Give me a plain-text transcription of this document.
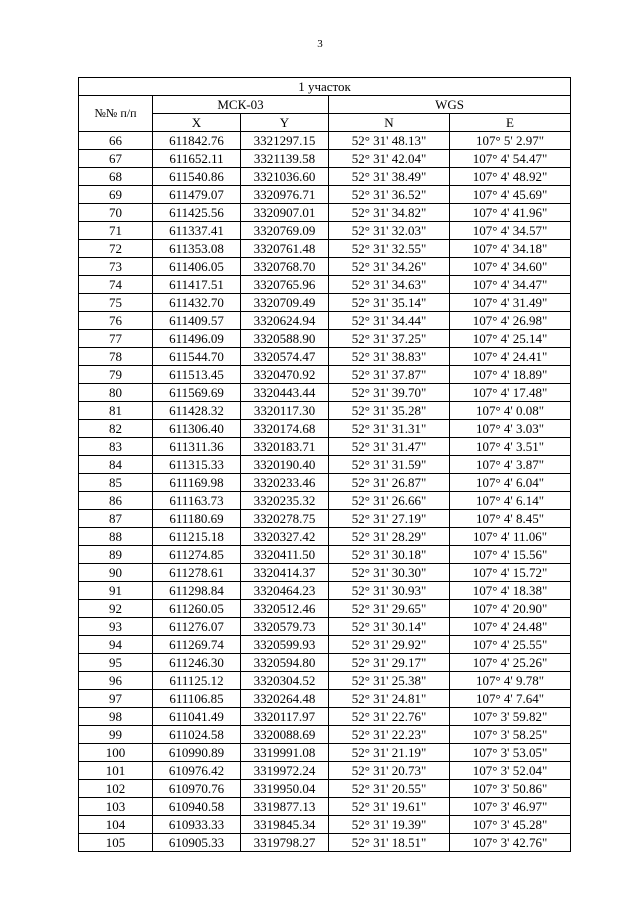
3
1 участок				
№№ п/п	МСК-03		WGS	
	X	Y	N	E
66	611842.76	3321297.15	52° 31' 48.13"	107° 5' 2.97"
67	611652.11	3321139.58	52° 31' 42.04"	107° 4' 54.47"
68	611540.86	3321036.60	52° 31' 38.49"	107° 4' 48.92"
69	611479.07	3320976.71	52° 31' 36.52"	107° 4' 45.69"
70	611425.56	3320907.01	52° 31' 34.82"	107° 4' 41.96"
71	611337.41	3320769.09	52° 31' 32.03"	107° 4' 34.57"
72	611353.08	3320761.48	52° 31' 32.55"	107° 4' 34.18"
73	611406.05	3320768.70	52° 31' 34.26"	107° 4' 34.60"
74	611417.51	3320765.96	52° 31' 34.63"	107° 4' 34.47"
75	611432.70	3320709.49	52° 31' 35.14"	107° 4' 31.49"
76	611409.57	3320624.94	52° 31' 34.44"	107° 4' 26.98"
77	611496.09	3320588.90	52° 31' 37.25"	107° 4' 25.14"
78	611544.70	3320574.47	52° 31' 38.83"	107° 4' 24.41"
79	611513.45	3320470.92	52° 31' 37.87"	107° 4' 18.89"
80	611569.69	3320443.44	52° 31' 39.70"	107° 4' 17.48"
81	611428.32	3320117.30	52° 31' 35.28"	107° 4' 0.08"
82	611306.40	3320174.68	52° 31' 31.31"	107° 4' 3.03"
83	611311.36	3320183.71	52° 31' 31.47"	107° 4' 3.51"
84	611315.33	3320190.40	52° 31' 31.59"	107° 4' 3.87"
85	611169.98	3320233.46	52° 31' 26.87"	107° 4' 6.04"
86	611163.73	3320235.32	52° 31' 26.66"	107° 4' 6.14"
87	611180.69	3320278.75	52° 31' 27.19"	107° 4' 8.45"
88	611215.18	3320327.42	52° 31' 28.29"	107° 4' 11.06"
89	611274.85	3320411.50	52° 31' 30.18"	107° 4' 15.56"
90	611278.61	3320414.37	52° 31' 30.30"	107° 4' 15.72"
91	611298.84	3320464.23	52° 31' 30.93"	107° 4' 18.38"
92	611260.05	3320512.46	52° 31' 29.65"	107° 4' 20.90"
93	611276.07	3320579.73	52° 31' 30.14"	107° 4' 24.48"
94	611269.74	3320599.93	52° 31' 29.92"	107° 4' 25.55"
95	611246.30	3320594.80	52° 31' 29.17"	107° 4' 25.26"
96	611125.12	3320304.52	52° 31' 25.38"	107° 4' 9.78"
97	611106.85	3320264.48	52° 31' 24.81"	107° 4' 7.64"
98	611041.49	3320117.97	52° 31' 22.76"	107° 3' 59.82"
99	611024.58	3320088.69	52° 31' 22.23"	107° 3' 58.25"
100	610990.89	3319991.08	52° 31' 21.19"	107° 3' 53.05"
101	610976.42	3319972.24	52° 31' 20.73"	107° 3' 52.04"
102	610970.76	3319950.04	52° 31' 20.55"	107° 3' 50.86"
103	610940.58	3319877.13	52° 31' 19.61"	107° 3' 46.97"
104	610933.33	3319845.34	52° 31' 19.39"	107° 3' 45.28"
105	610905.33	3319798.27	52° 31' 18.51"	107° 3' 42.76"
